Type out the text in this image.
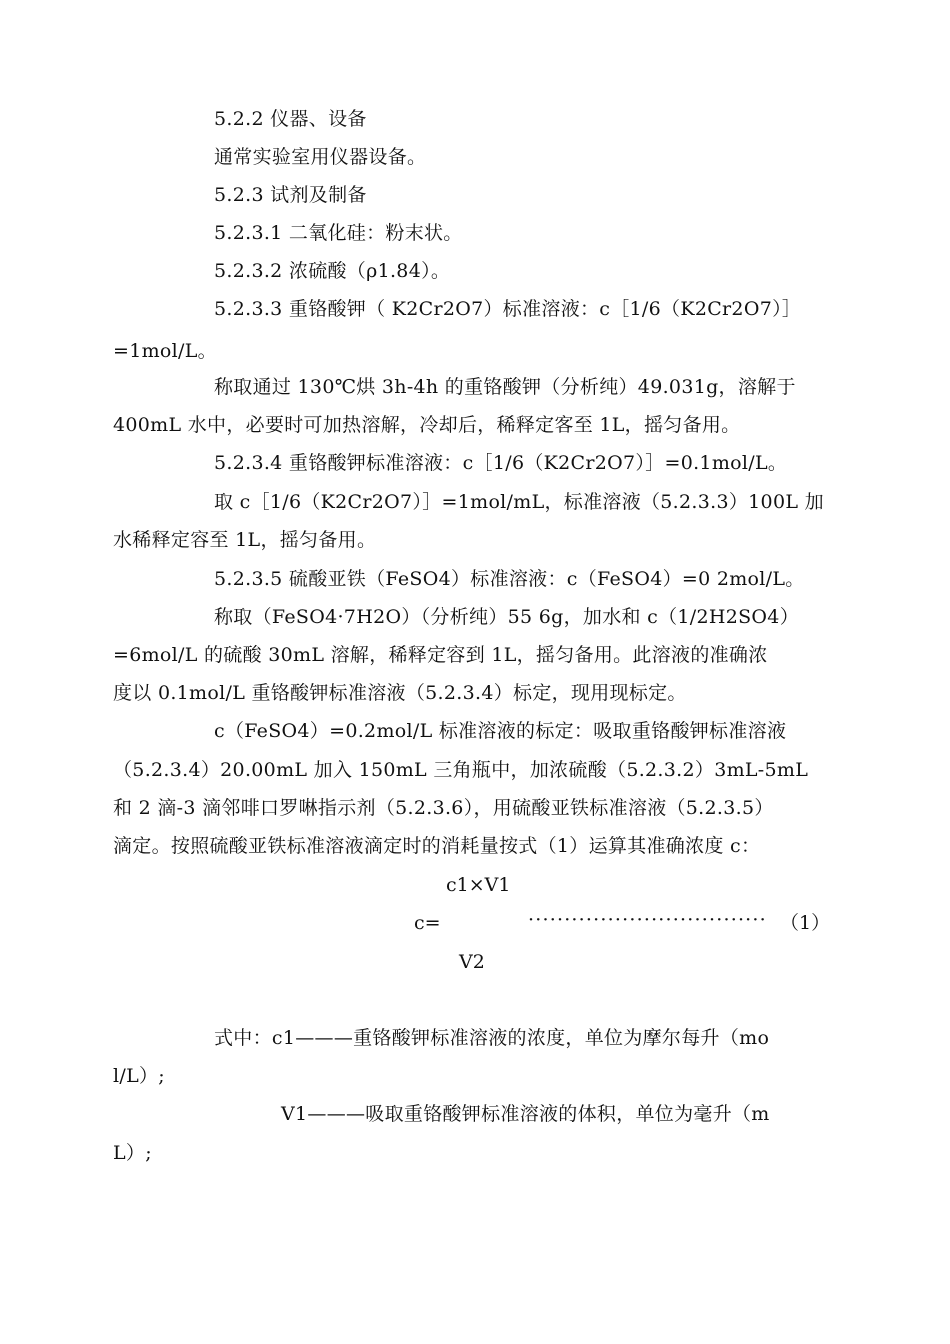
5.2.2 仪器、设备
通常实验室用仪器设备。
5.2.3 试剂及制备
5.2.3.1 二氧化硅：粉末状。
5.2.3.2 浓硫酸（ρ1.84）。
5.2.3.3 重铬酸钾（ K2Cr2O7）标准溶液：c［1/6（K2Cr2O7）］
=1mol/L。
称取通过 130℃烘 3h-4h 的重铬酸钾（分析纯）49.031g，溶解于
400mL 水中，必要时可加热溶解，冷却后，稀释定客至 1L，摇匀备用。
5.2.3.4 重铬酸钾标准溶液：c［1/6（K2Cr2O7）］=0.1mol/L。
取 c［1/6（K2Cr2O7）］=1mol/mL，标准溶液（5.2.3.3）100L 加
水稀释定容至 1L，摇匀备用。
5.2.3.5 硫酸亚铁（FeSO4）标准溶液：c（FeSO4）=0 2mol/L。
称取（FeSO4·7H2O）（分析纯）55 6g，加水和 c（1/2H2SO4）
=6mol/L 的硫酸 30mL 溶解，稀释定容到 1L，摇匀备用。此溶液的准确浓
度以 0.1mol/L 重铬酸钾标准溶液（5.2.3.4）标定，现用现标定。
c（FeSO4）=0.2mol/L 标准溶液的标定：吸取重铬酸钾标准溶液
（5.2.3.4）20.00mL 加入 150mL 三角瓶中，加浓硫酸（5.2.3.2）3mL-5mL
和 2 滴-3 滴邻啡口罗啉指示剂（5.2.3.6），用硫酸亚铁标准溶液（5.2.3.5）
滴定。按照硫酸亚铁标准溶液滴定时的消耗量按式（1）运算其准确浓度 c：
c1×V1
c=	································· （1）
V2
式中：c1———重铬酸钾标准溶液的浓度，单位为摩尔每升（mo
l/L）;
V1———吸取重铬酸钾标准溶液的体积，单位为毫升（m
L）;
